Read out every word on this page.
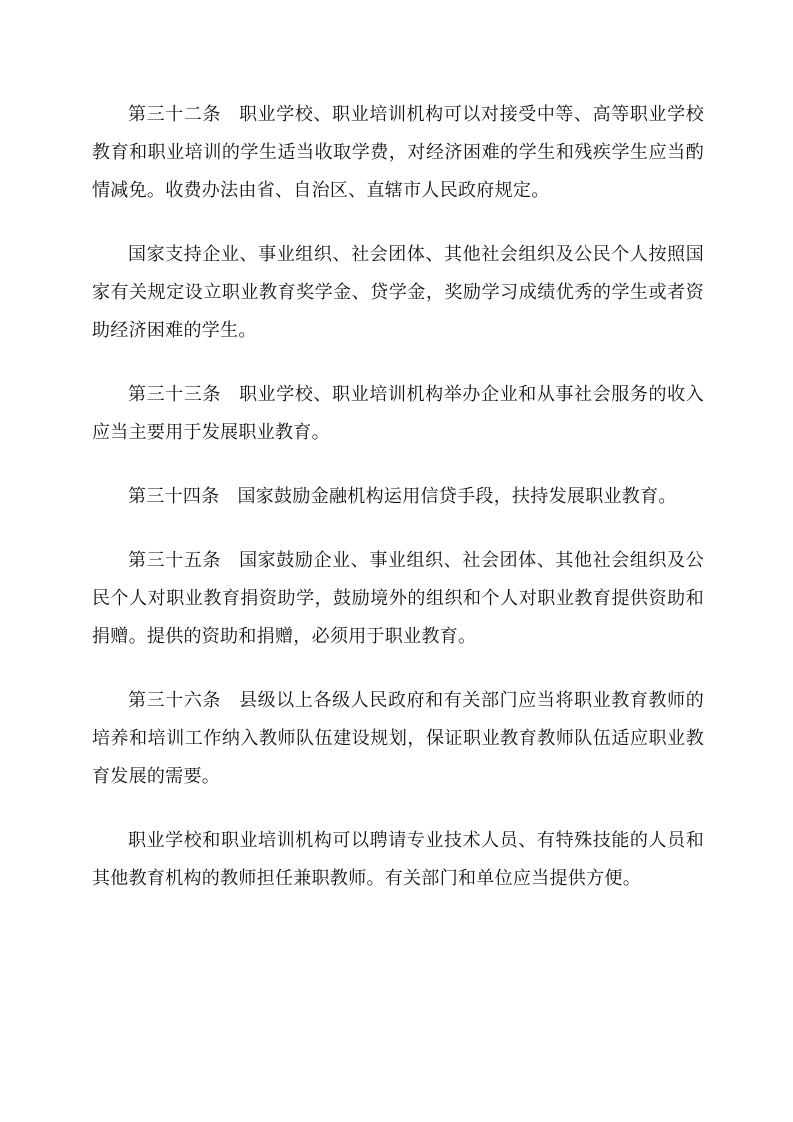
第三十二条 职业学校、职业培训机构可以对接受中等、高等职业学校教育和职业培训的学生适当收取学费，对经济困难的学生和残疾学生应当酌情减免。收费办法由省、自治区、直辖市人民政府规定。

国家支持企业、事业组织、社会团体、其他社会组织及公民个人按照国家有关规定设立职业教育奖学金、贷学金，奖励学习成绩优秀的学生或者资助经济困难的学生。

第三十三条 职业学校、职业培训机构举办企业和从事社会服务的收入应当主要用于发展职业教育。

第三十四条 国家鼓励金融机构运用信贷手段，扶持发展职业教育。

第三十五条 国家鼓励企业、事业组织、社会团体、其他社会组织及公民个人对职业教育捐资助学，鼓励境外的组织和个人对职业教育提供资助和捐赠。提供的资助和捐赠，必须用于职业教育。

第三十六条 县级以上各级人民政府和有关部门应当将职业教育教师的培养和培训工作纳入教师队伍建设规划，保证职业教育教师队伍适应职业教育发展的需要。

职业学校和职业培训机构可以聘请专业技术人员、有特殊技能的人员和其他教育机构的教师担任兼职教师。有关部门和单位应当提供方便。
